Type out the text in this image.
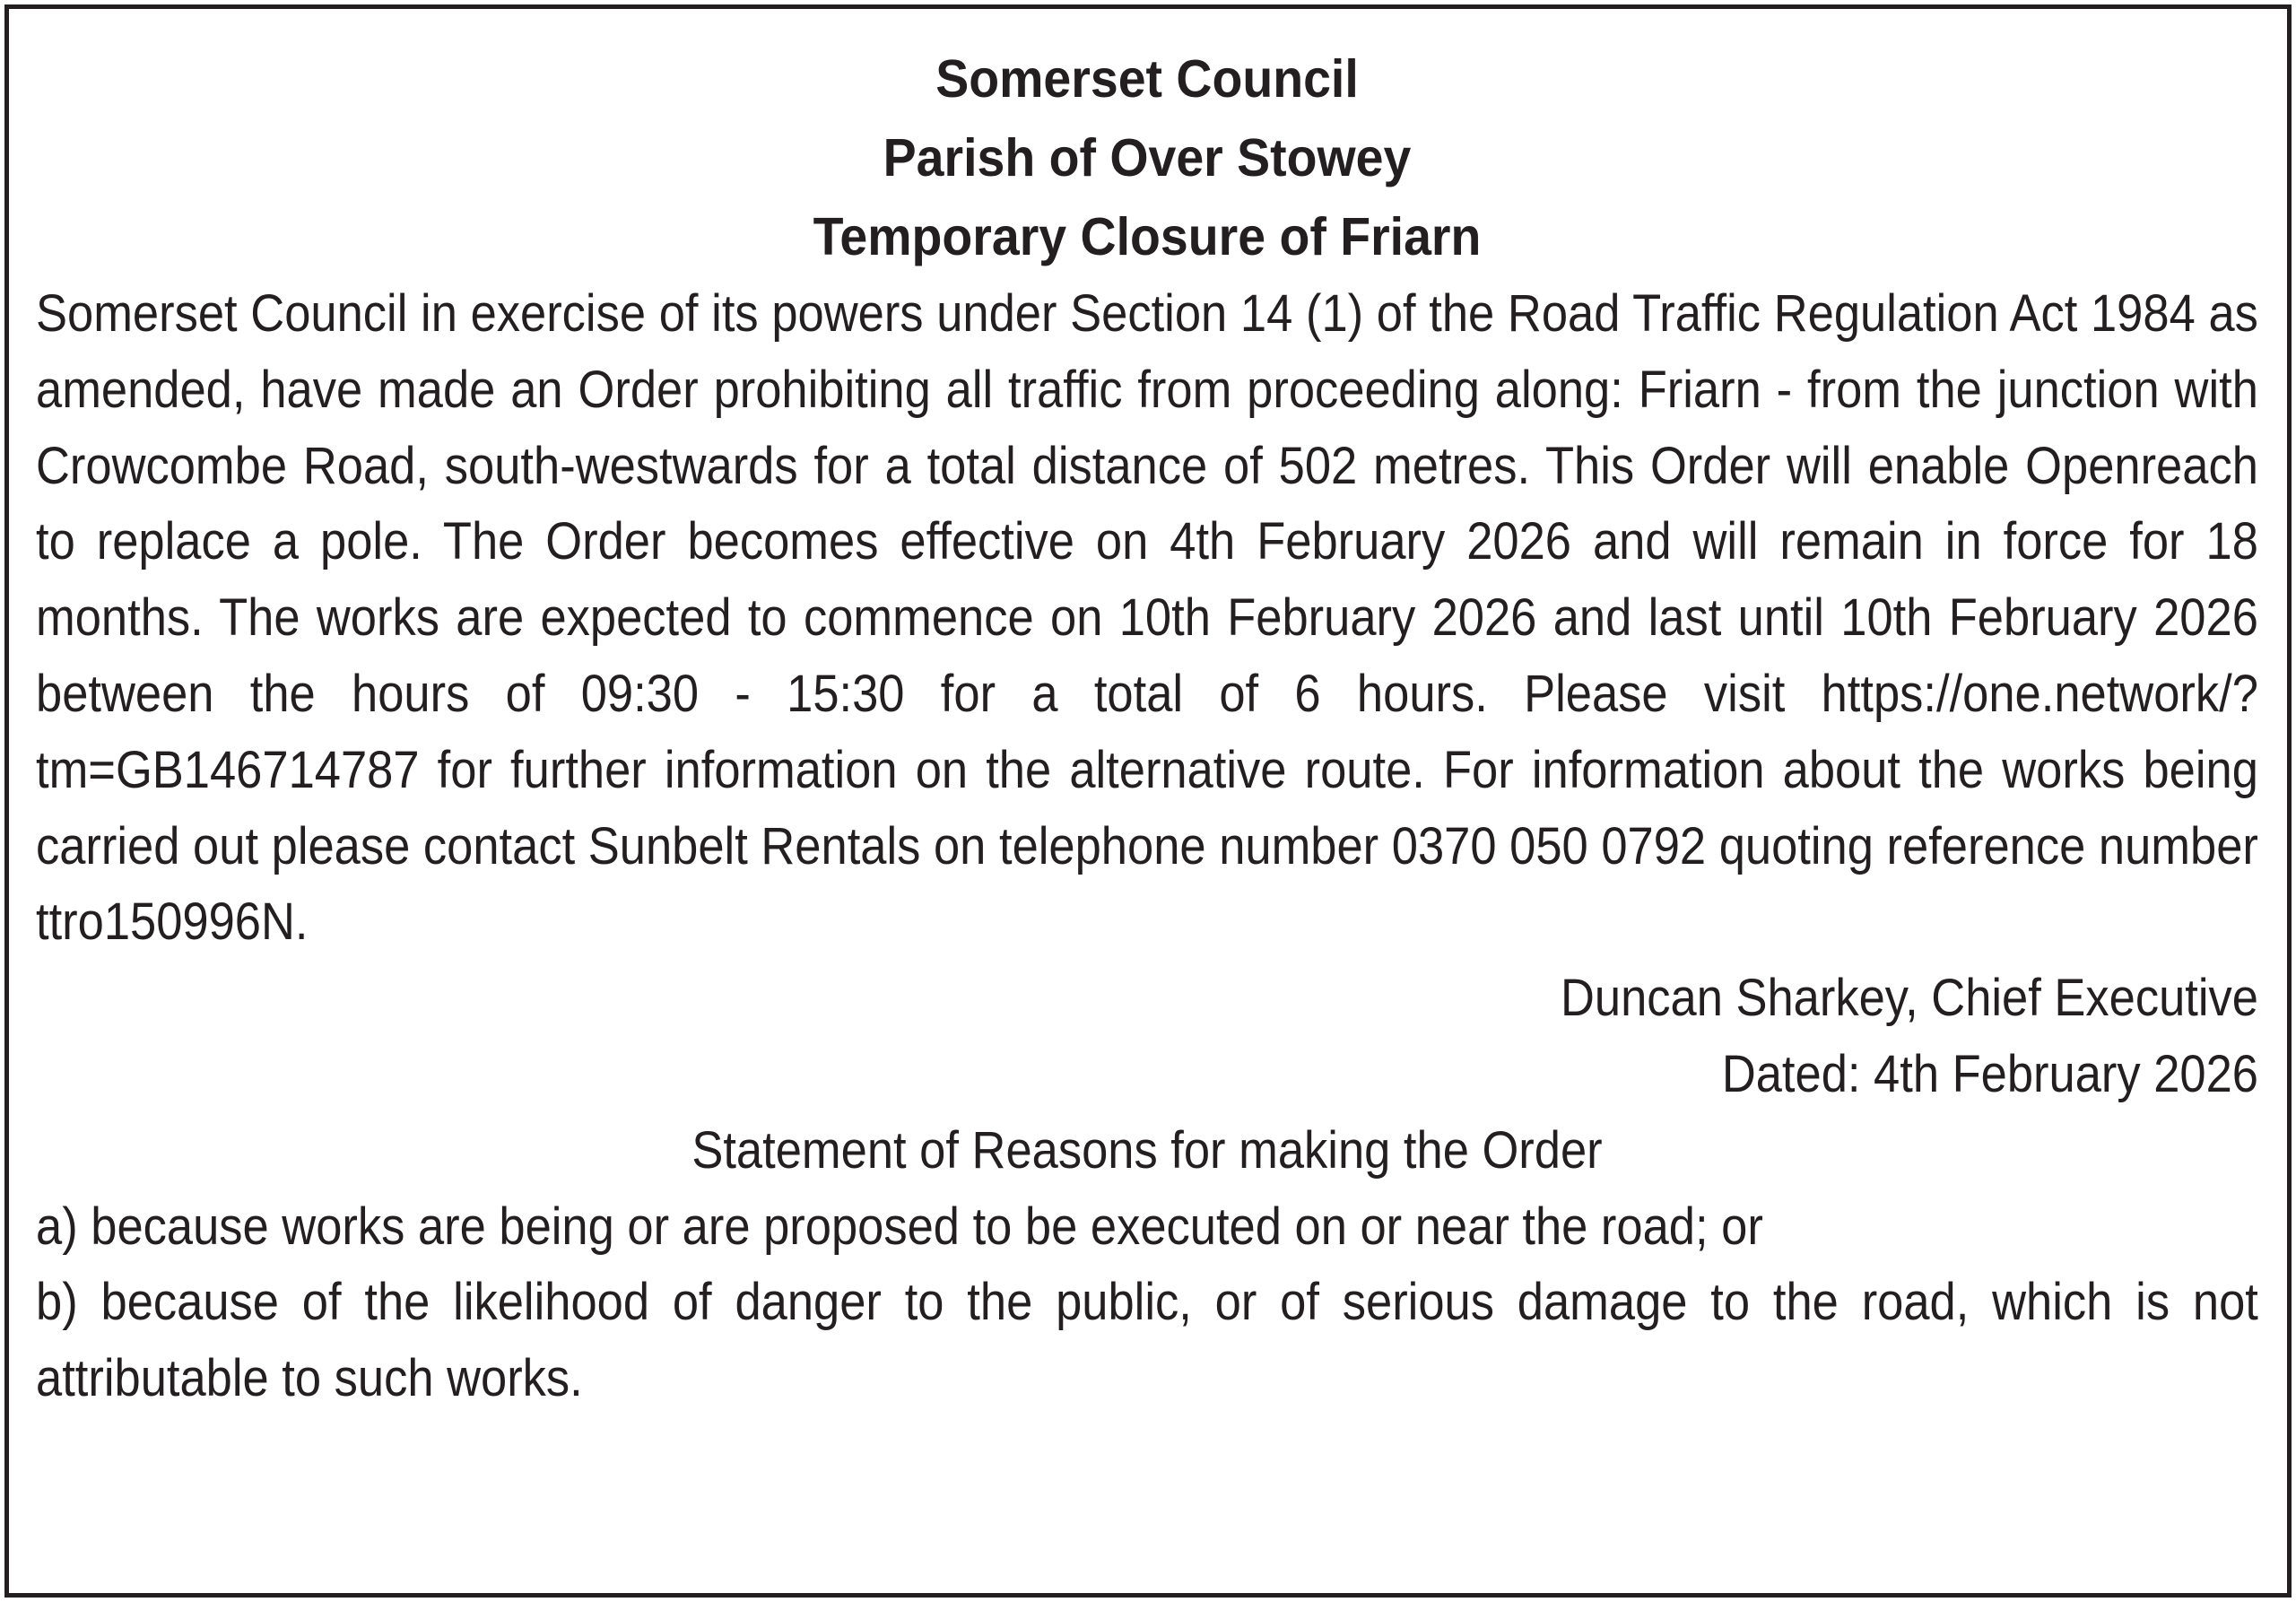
Somerset Council
Parish of Over Stowey
Temporary Closure of Friarn
Somerset Council in exercise of its powers under Section 14 (1) of the Road Traffic Regulation Act 1984 as amended, have made an Order prohibiting all traffic from proceeding along: Friarn - from the junction with Crowcombe Road, south-westwards for a total distance of 502 metres. This Order will enable Openreach to replace a pole. The Order becomes effective on 4th February 2026 and will remain in force for 18 months. The works are expected to commence on 10th February 2026 and last until 10th February 2026 between the hours of 09:30 - 15:30 for a total of 6 hours. Please visit https://one.network/?tm=GB146714787 for further information on the alternative route. For information about the works being carried out please contact Sunbelt Rentals on telephone number 0370 050 0792 quoting reference number ttro150996N.
Duncan Sharkey, Chief Executive
Dated: 4th February 2026
Statement of Reasons for making the Order
a) because works are being or are proposed to be executed on or near the road; or
b) because of the likelihood of danger to the public, or of serious damage to the road, which is not attributable to such works.
